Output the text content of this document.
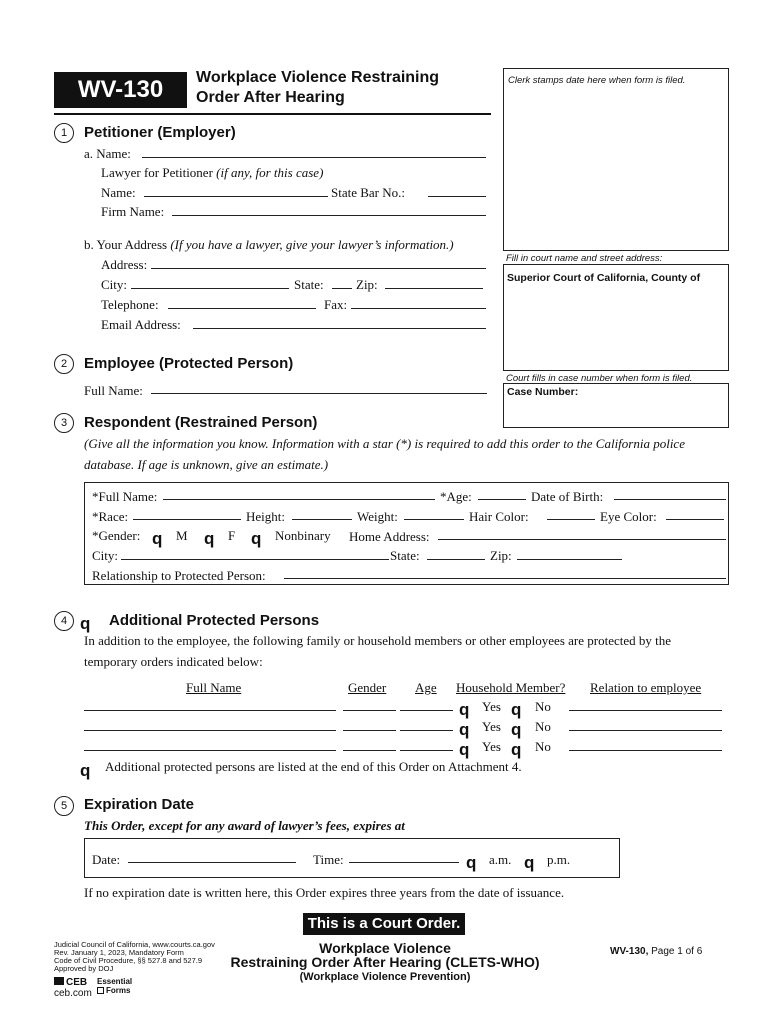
WV-130	Workplace Violence Restraining
Order After Hearing
Clerk stamps date here when form is filed.
Fill in court name and street address:
Superior Court of California, County of
Court fills in case number when form is filed.
Case Number:
1	Petitioner (Employer)
a. Name:
Lawyer for Petitioner (if any, for this case)
Name:	State Bar No.:
Firm Name:
b. Your Address (If you have a lawyer, give your lawyer’s information.)
Address:
City:	State: Zip:
Telephone:	Fax:
Email Address:
2	Employee (Protected Person)
Full Name:
3	Respondent (Restrained Person)
(Give all the information you know. Information with a star (*) is required to add this order to the California police
database. If age is unknown, give an estimate.)
*Full Name:	*Age:	Date of Birth:
*Race:	Height:	Weight:	Hair Color:	Eye Color:
*Gender: q M q F q Nonbinary Home Address:
City:	State:	Zip:
Relationship to Protected Person:
4 q Additional Protected Persons
In addition to the employee, the following family or household members or other employees are protected by the
temporary orders indicated below:
Full Name	Gender Age Household Member? Relation to employee
q Yes q No
q Yes q No
q Yes q No
q Additional protected persons are listed at the end of this Order on Attachment 4.
5	Expiration Date
This Order, except for any award of lawyer’s fees, expires at
Date:	Time:	q a.m. q p.m.
If no expiration date is written here, this Order expires three years from the date of issuance.
This is a Court Order.
Judicial Council of California, www.courts.ca.gov
Rev. January 1, 2023, Mandatory Form
Code of Civil Procedure, §§ 527.8 and 527.9
Approved by DOJ
CEB
ceb.com
Essential
Forms
Workplace Violence
Restraining Order After Hearing (CLETS-WHO)
(Workplace Violence Prevention)
WV-130, Page 1 of 6
